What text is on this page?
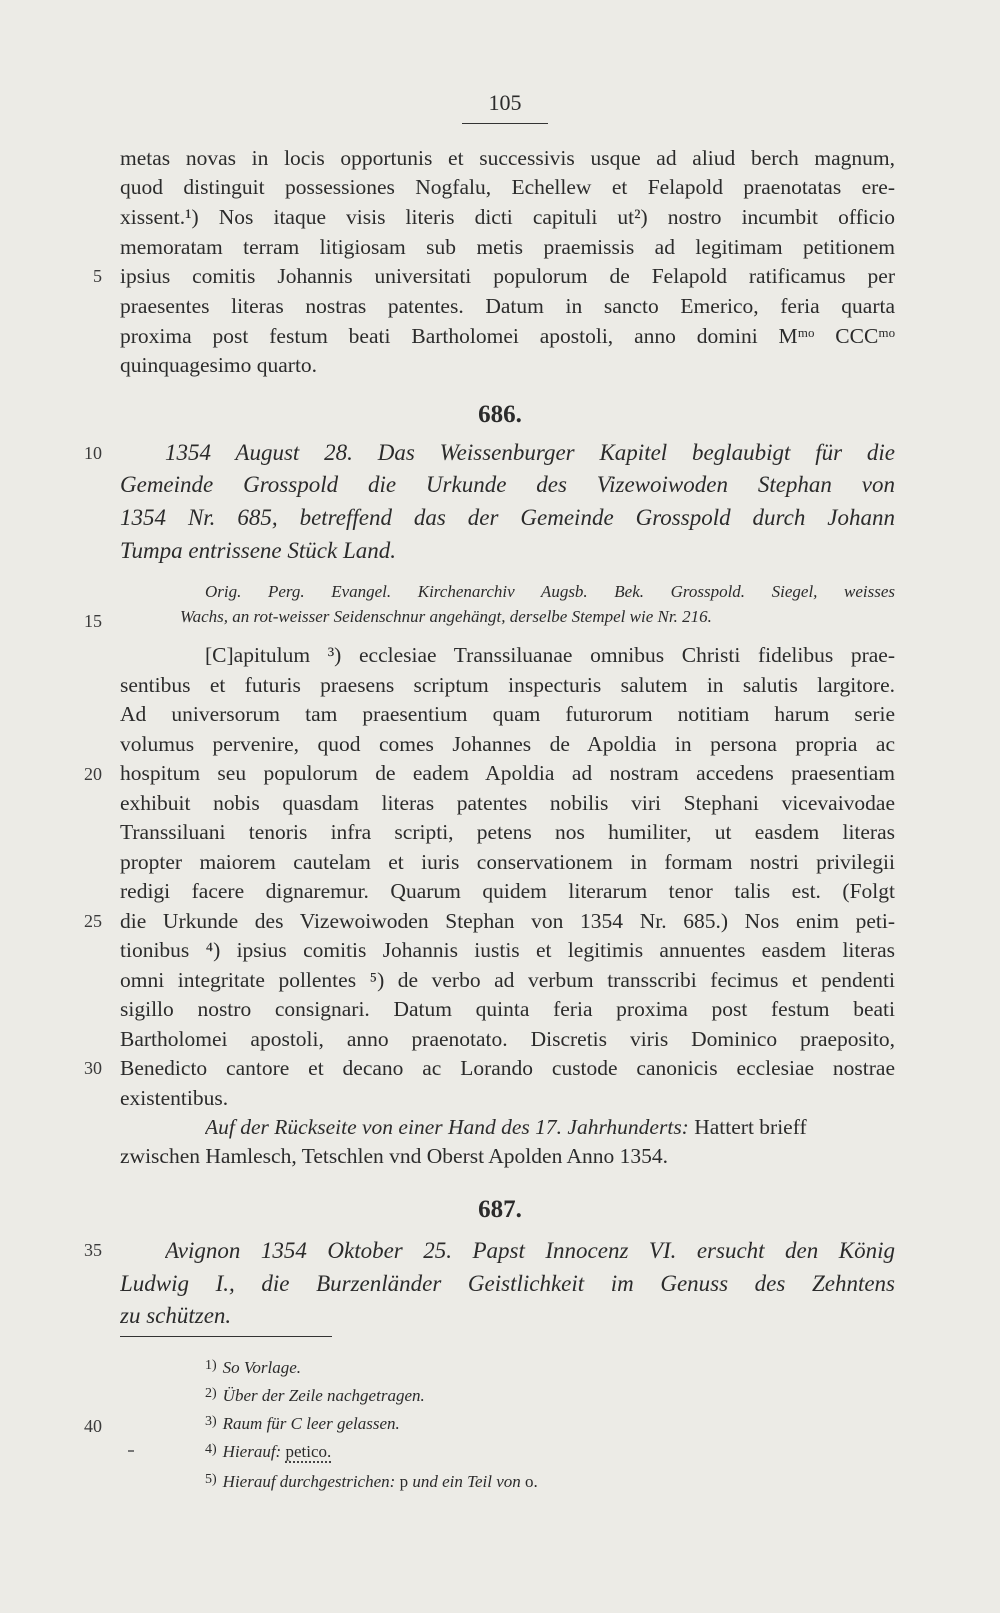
105
metas novas in locis opportunis et successivis usque ad aliud berch magnum,
quod distinguit possessiones Nogfalu, Echellew et Felapold praenotatas ere-
xissent.¹) Nos itaque visis literis dicti capituli ut²) nostro incumbit officio
memoratam terram litigiosam sub metis praemissis ad legitimam petitionem
ipsius comitis Johannis universitati populorum de Felapold ratificamus per
praesentes literas nostras patentes. Datum in sancto Emerico, feria quarta
proxima post festum beati Bartholomei apostoli, anno domini Mᵐᵒ CCCᵐᵒ
quinquagesimo quarto.
686.
1354 August 28. Das Weissenburger Kapitel beglaubigt für die
Gemeinde Grosspold die Urkunde des Vizewoiwoden Stephan von
1354 Nr. 685, betreffend das der Gemeinde Grosspold durch Johann
Tumpa entrissene Stück Land.
Orig. Perg. Evangel. Kirchenarchiv Augsb. Bek. Grosspold. Siegel, weisses
Wachs, an rot-weisser Seidenschnur angehängt, derselbe Stempel wie Nr. 216.
[C]apitulum ³) ecclesiae Transsiluanae omnibus Christi fidelibus prae-
sentibus et futuris praesens scriptum inspecturis salutem in salutis largitore.
Ad universorum tam praesentium quam futurorum notitiam harum serie
volumus pervenire, quod comes Johannes de Apoldia in persona propria ac
hospitum seu populorum de eadem Apoldia ad nostram accedens praesentiam
exhibuit nobis quasdam literas patentes nobilis viri Stephani vicevaivodae
Transsiluani tenoris infra scripti, petens nos humiliter, ut easdem literas
propter maiorem cautelam et iuris conservationem in formam nostri privilegii
redigi facere dignaremur. Quarum quidem literarum tenor talis est. (Folgt
die Urkunde des Vizewoiwoden Stephan von 1354 Nr. 685.) Nos enim peti-
tionibus ⁴) ipsius comitis Johannis iustis et legitimis annuentes easdem literas
omni integritate pollentes ⁵) de verbo ad verbum transscribi fecimus et pendenti
sigillo nostro consignari. Datum quinta feria proxima post festum beati
Bartholomei apostoli, anno praenotato. Discretis viris Dominico praeposito,
Benedicto cantore et decano ac Lorando custode canonicis ecclesiae nostrae
existentibus.
Auf der Rückseite von einer Hand des 17. Jahrhunderts: Hattert brieff
zwischen Hamlesch, Tetschlen vnd Oberst Apolden Anno 1354.
687.
Avignon 1354 Oktober 25. Papst Innocenz VI. ersucht den König
Ludwig I., die Burzenländer Geistlichkeit im Genuss des Zehntens
zu schützen.
$^{1)}$ So Vorlage.
$^{2)}$ Über der Zeile nachgetragen.
$^{3)}$ Raum für C leer gelassen.
$^{4)}$ Hierauf: petico.
$^{5)}$ Hierauf durchgestrichen: p und ein Teil von o.
5
10
15
20
25
30
35
40
